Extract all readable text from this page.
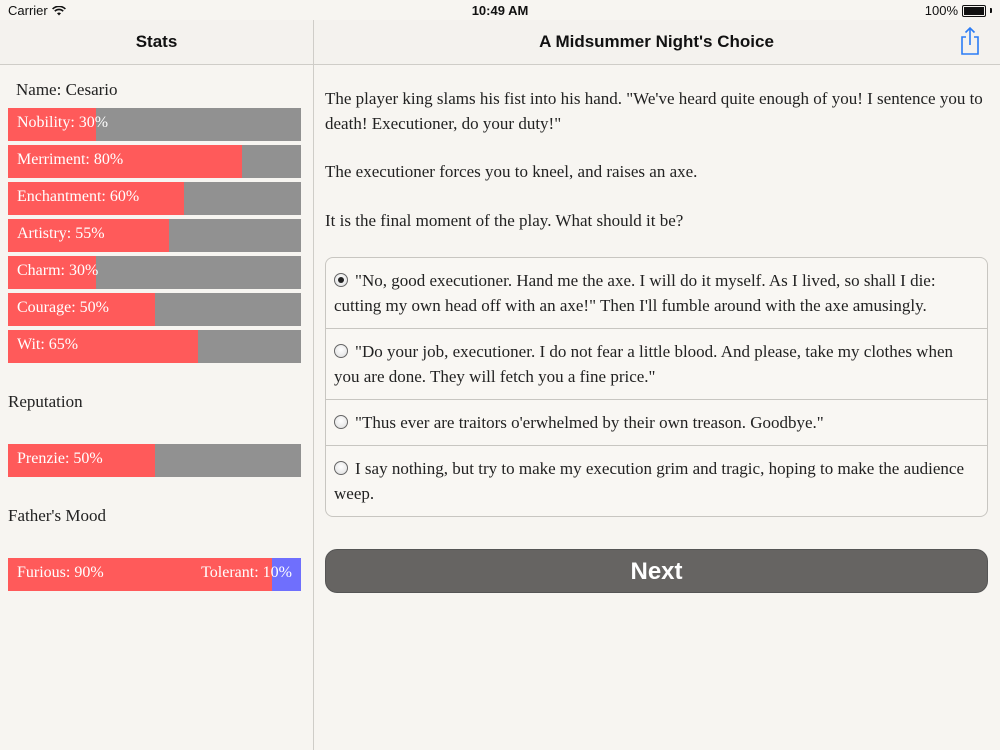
Carrier	10:49 AM	100%
Stats	A Midsummer Night's Choice
Name: Cesario
Nobility: 30%
Merriment: 80%
Enchantment: 60%
Artistry: 55%
Charm: 30%
Courage: 50%
Wit: 65%
Reputation
Prenzie: 50%
Father's Mood
Furious: 90%	Tolerant: 10%
The player king slams his fist into his hand. "We've heard quite enough of you! I sentence you to death! Executioner, do your duty!"
The executioner forces you to kneel, and raises an axe.
It is the final moment of the play. What should it be?
"No, good executioner. Hand me the axe. I will do it myself. As I lived, so shall I die: cutting my own head off with an axe!" Then I'll fumble around with the axe amusingly.
"Do your job, executioner. I do not fear a little blood. And please, take my clothes when you are done. They will fetch you a fine price."
"Thus ever are traitors o'erwhelmed by their own treason. Goodbye."
I say nothing, but try to make my execution grim and tragic, hoping to make the audience weep.
Next
